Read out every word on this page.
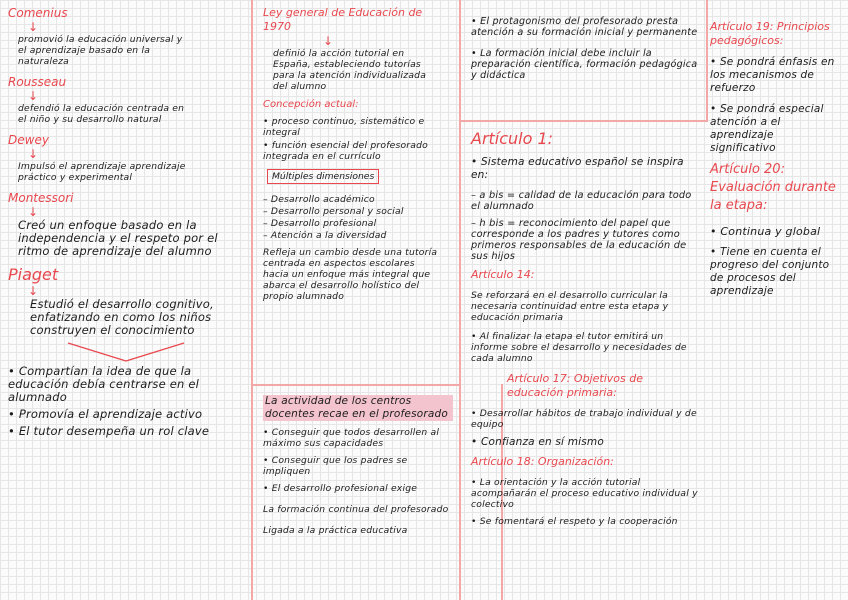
Comenius

↓

promovió la educación universal y el aprendizaje basado en la naturaleza

Rousseau

↓

defendió la educación centrada en el niño y su desarrollo natural

Dewey

↓

Impulsó el aprendizaje aprendizaje práctico y experimental

Montessori

↓

Creó un enfoque basado en la independencia y el respeto por el ritmo de aprendizaje del alumno

Piaget

↓

Estudió el desarrollo cognitivo, enfatizando en como los niños construyen el conocimiento

• Compartían la idea de que la educación debía centrarse en el alumnado

• Promovía el aprendizaje activo

• El tutor desempeña un rol clave

Ley general de Educación de 1970

↓

definió la acción tutorial en España, estableciendo tutorías para la atención individualizada del alumno

Concepción actual:

• proceso continuo, sistemático e integral

• función esencial del profesorado integrada en el currículo

Múltiples dimensiones

– Desarrollo académico

– Desarrollo personal y social

– Desarrollo profesional

– Atención a la diversidad

Refleja un cambio desde una tutoría centrada en aspectos escolares hacia un enfoque más integral que abarca el desarrollo holístico del propio alumnado

La actividad de los centros docentes recae en el profesorado

• Conseguir que todos desarrollen al máximo sus capacidades

• Conseguir que los padres se impliquen

• El desarrollo profesional exige

La formación continua del profesorado

Ligada a la práctica educativa

• El protagonismo del profesorado presta atención a su formación inicial y permanente

• La formación inicial debe incluir la preparación científica, formación pedagógica y didáctica

Artículo 1:

• Sistema educativo español se inspira en:

– a bis = calidad de la educación para todo el alumnado

– h bis = reconocimiento del papel que corresponde a los padres y tutores como primeros responsables de la educación de sus hijos

Artículo 14:

Se reforzará en el desarrollo curricular la necesaria continuidad entre esta etapa y educación primaria

• Al finalizar la etapa el tutor emitirá un informe sobre el desarrollo y necesidades de cada alumno

Artículo 17: Objetivos de educación primaria:

• Desarrollar hábitos de trabajo individual y de equipo

• Confianza en sí mismo

Artículo 18: Organización:

• La orientación y la acción tutorial acompañarán el proceso educativo individual y colectivo

• Se fomentará el respeto y la cooperación

Artículo 19: Principios pedagógicos:

• Se pondrá énfasis en los mecanismos de refuerzo

• Se pondrá especial atención a el aprendizaje significativo

Artículo 20: Evaluación durante la etapa:

• Continua y global

• Tiene en cuenta el progreso del conjunto de procesos del aprendizaje
